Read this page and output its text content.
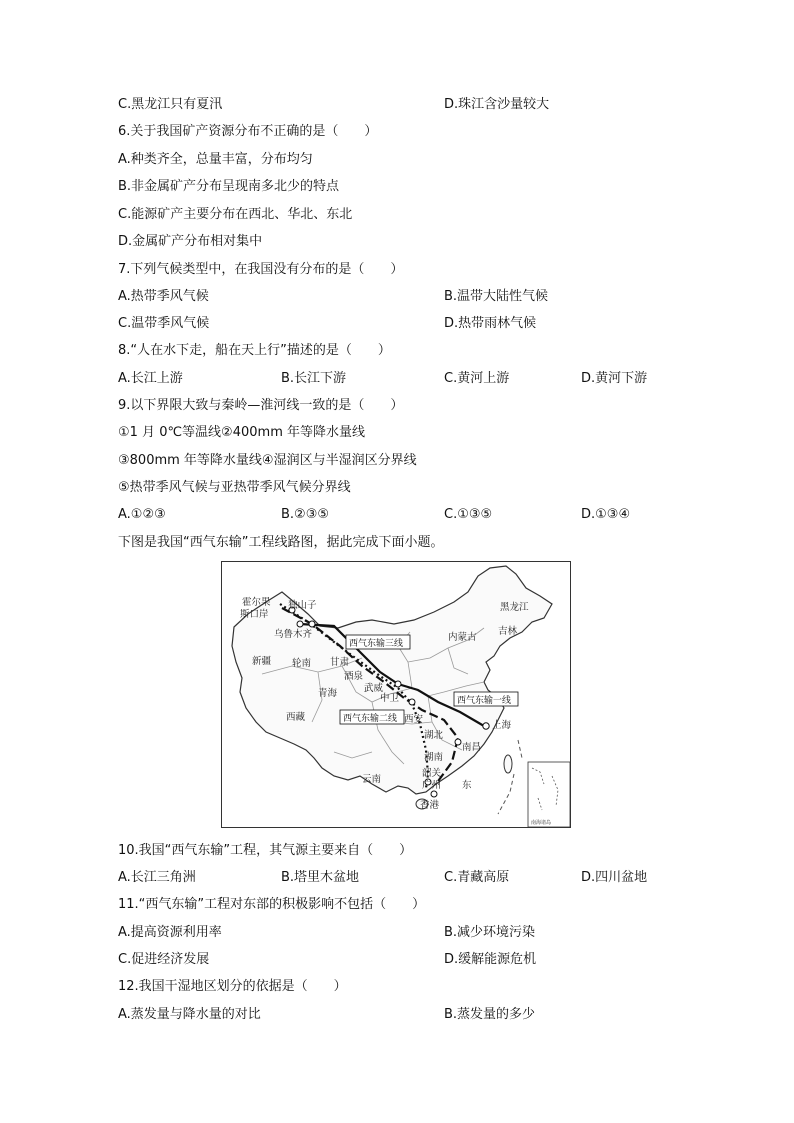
C.黑龙江只有夏汛	D.珠江含沙量较大
6.关于我国矿产资源分布不正确的是（　　）
A.种类齐全，总量丰富，分布均匀
B.非金属矿产分布呈现南多北少的特点
C.能源矿产主要分布在西北、华北、东北
D.金属矿产分布相对集中
7.下列气候类型中，在我国没有分布的是（　　）
A.热带季风气候	B.温带大陆性气候
C.温带季风气候	D.热带雨林气候
8.“人在水下走，船在天上行”描述的是（　　）
A.长江上游	B.长江下游	C.黄河上游	D.黄河下游
9.以下界限大致与秦岭—淮河线一致的是（　　）
①1 月 0℃等温线②400mm 年等降水量线
③800mm 年等降水量线④湿润区与半湿润区分界线
⑤热带季风气候与亚热带季风气候分界线
A.①②③	B.②③⑤	C.①③⑤	D.①③④
下图是我国“西气东输”工程线路图，据此完成下面小题。
霍尔果
斯口岸
独山子
乌鲁木齐
新疆 轮南 甘肃
酒泉
青海
西藏
武威
中卫
西安
湖北
湖南
南昌
韶关
广州 东
香港
云南
上海
黑龙江
吉林
内蒙古
西气东输三线
西气东输一线
西气东输二线
南海诸岛
10.我国“西气东输”工程，其气源主要来自（　　）
A.长江三角洲	B.塔里木盆地	C.青藏高原	D.四川盆地
11.“西气东输”工程对东部的积极影响不包括（　　）
A.提高资源利用率	B.减少环境污染
C.促进经济发展	D.缓解能源危机
12.我国干湿地区划分的依据是（　　）
A.蒸发量与降水量的对比	B.蒸发量的多少
